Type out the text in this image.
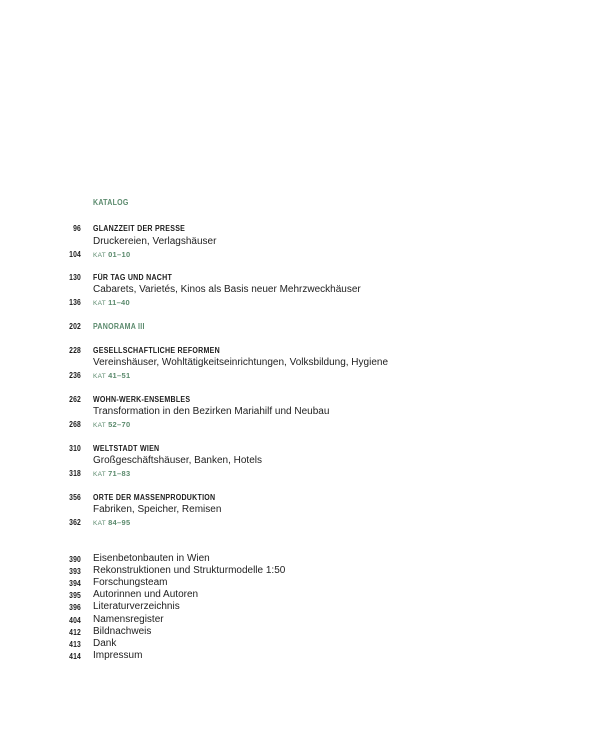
KATALOG
96 GLANZZEIT DER PRESSE
Druckereien, Verlagshäuser
104 KAT 01–10
130 FÜR TAG UND NACHT
Cabarets, Varietés, Kinos als Basis neuer Mehrzweckhäuser
136 KAT 11–40
202 PANORAMA III
228 GESELLSCHAFTLICHE REFORMEN
Vereinshäuser, Wohltätigkeitseinrichtungen, Volksbildung, Hygiene
236 KAT 41–51
262 WOHN-WERK-ENSEMBLES
Transformation in den Bezirken Mariahilf und Neubau
268 KAT 52–70
310 WELTSTADT WIEN
Großgeschäftshäuser, Banken, Hotels
318 KAT 71–83
356 ORTE DER MASSENPRODUKTION
Fabriken, Speicher, Remisen
362 KAT 84–95
390 Eisenbetonbauten in Wien
393 Rekonstruktionen und Strukturmodelle 1:50
394 Forschungsteam
395 Autorinnen und Autoren
396 Literaturverzeichnis
404 Namensregister
412 Bildnachweis
413 Dank
414 Impressum
